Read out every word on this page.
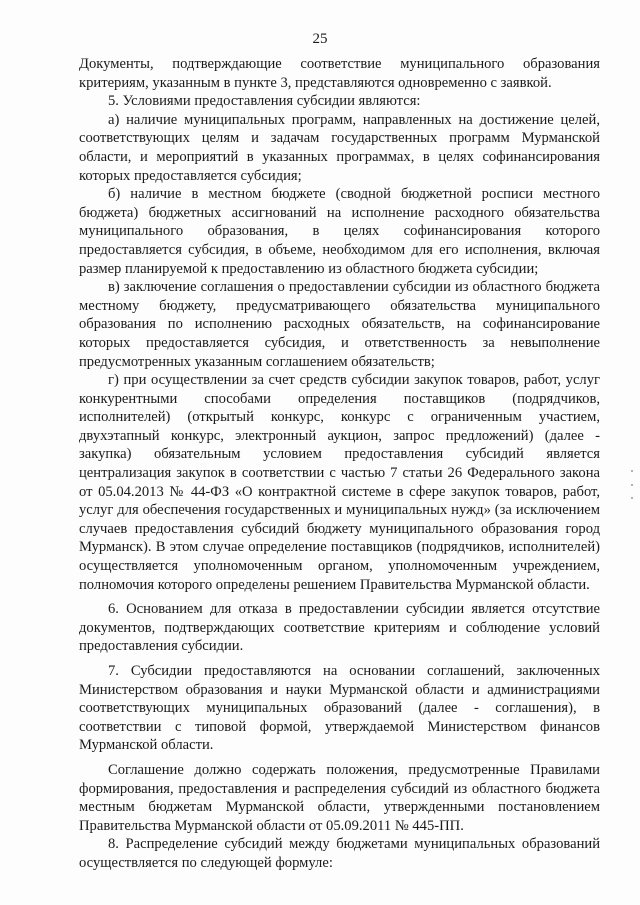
25

Документы, подтверждающие соответствие муниципального образования критериям, указанным в пункте 3, представляются одновременно с заявкой.

5. Условиями предоставления субсидии являются:

а) наличие муниципальных программ, направленных на достижение целей, соответствующих целям и задачам государственных программ Мурманской области, и мероприятий в указанных программах, в целях софинансирования которых предоставляется субсидия;

б) наличие в местном бюджете (сводной бюджетной росписи местного бюджета) бюджетных ассигнований на исполнение расходного обязательства муниципального образования, в целях софинансирования которого предоставляется субсидия, в объеме, необходимом для его исполнения, включая размер планируемой к предоставлению из областного бюджета субсидии;

в) заключение соглашения о предоставлении субсидии из областного бюджета местному бюджету, предусматривающего обязательства муниципального образования по исполнению расходных обязательств, на софинансирование которых предоставляется субсидия, и ответственность за невыполнение предусмотренных указанным соглашением обязательств;

г) при осуществлении за счет средств субсидии закупок товаров, работ, услуг конкурентными способами определения поставщиков (подрядчиков, исполнителей) (открытый конкурс, конкурс с ограниченным участием, двухэтапный конкурс, электронный аукцион, запрос предложений) (далее - закупка) обязательным условием предоставления субсидий является централизация закупок в соответствии с частью 7 статьи 26 Федерального закона от 05.04.2013 № 44-ФЗ «О контрактной системе в сфере закупок товаров, работ, услуг для обеспечения государственных и муниципальных нужд» (за исключением случаев предоставления субсидий бюджету муниципального образования город Мурманск). В этом случае определение поставщиков (подрядчиков, исполнителей) осуществляется уполномоченным органом, уполномоченным учреждением, полномочия которого определены решением Правительства Мурманской области.

6. Основанием для отказа в предоставлении субсидии является отсутствие документов, подтверждающих соответствие критериям и соблюдение условий предоставления субсидии.

7. Субсидии предоставляются на основании соглашений, заключенных Министерством образования и науки Мурманской области и администрациями соответствующих муниципальных образований (далее - соглашения), в соответствии с типовой формой, утверждаемой Министерством финансов Мурманской области.

Соглашение должно содержать положения, предусмотренные Правилами формирования, предоставления и распределения субсидий из областного бюджета местным бюджетам Мурманской области, утвержденными постановлением Правительства Мурманской области от 05.09.2011 № 445-ПП.

8. Распределение субсидий между бюджетами муниципальных образований осуществляется по следующей формуле:
